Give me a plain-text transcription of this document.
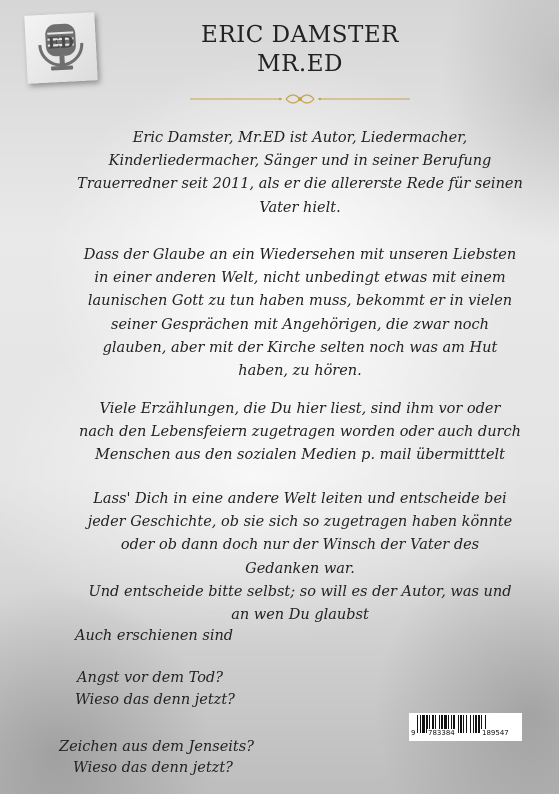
ED	ERIC DAMSTER
MR.ED
Eric Damster, Mr.ED ist Autor, Liedermacher,
Kinderliedermacher, Sänger und in seiner Berufung
Trauerredner seit 2011, als er die allererste Rede für seinen
Vater hielt.
Dass der Glaube an ein Wiedersehen mit unseren Liebsten
in einer anderen Welt, nicht unbedingt etwas mit einem
launischen Gott zu tun haben muss, bekommt er in vielen
seiner Gesprächen mit Angehörigen, die zwar noch
glauben, aber mit der Kirche selten noch was am Hut
haben, zu hören.
Viele Erzählungen, die Du hier liest, sind ihm vor oder
nach den Lebensfeiern zugetragen worden oder auch durch
Menschen aus den sozialen Medien p. mail übermitttelt
Lass' Dich in eine andere Welt leiten und entscheide bei
jeder Geschichte, ob sie sich so zugetragen haben könnte
oder ob dann doch nur der Winsch der Vater des
Gedanken war.
Und entscheide bitte selbst; so will es der Autor, was und
an wen Du glaubst
Auch erschienen sind
Angst vor dem Tod?
Wieso das denn jetzt?
Zeichen aus dem Jenseits?
Wieso das denn jetzt?
9 783384	189547
